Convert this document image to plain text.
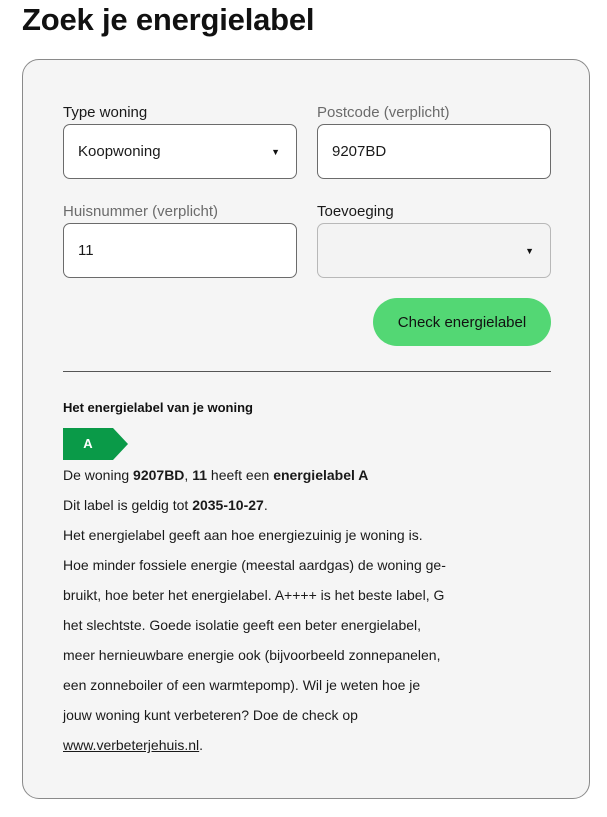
Zoek je energielabel
Type woning
Koopwoning	▼
Postcode (verplicht)
9207BD
Huisnummer (verplicht)
11
Toevoeging
▼
Check energielabel
Het energielabel van je woning
A
De woning 9207BD, 11 heeft een energielabel A
Dit label is geldig tot 2035-10-27.
Het energielabel geeft aan hoe energiezuinig je woning is.
Hoe minder fossiele energie (meestal aardgas) de woning ge-
bruikt, hoe beter het energielabel. A++++ is het beste label, G
het slechtste. Goede isolatie geeft een beter energielabel,
meer hernieuwbare energie ook (bijvoorbeeld zonnepanelen,
een zonneboiler of een warmtepomp). Wil je weten hoe je
jouw woning kunt verbeteren? Doe de check op
www.verbeterjehuis.nl.
